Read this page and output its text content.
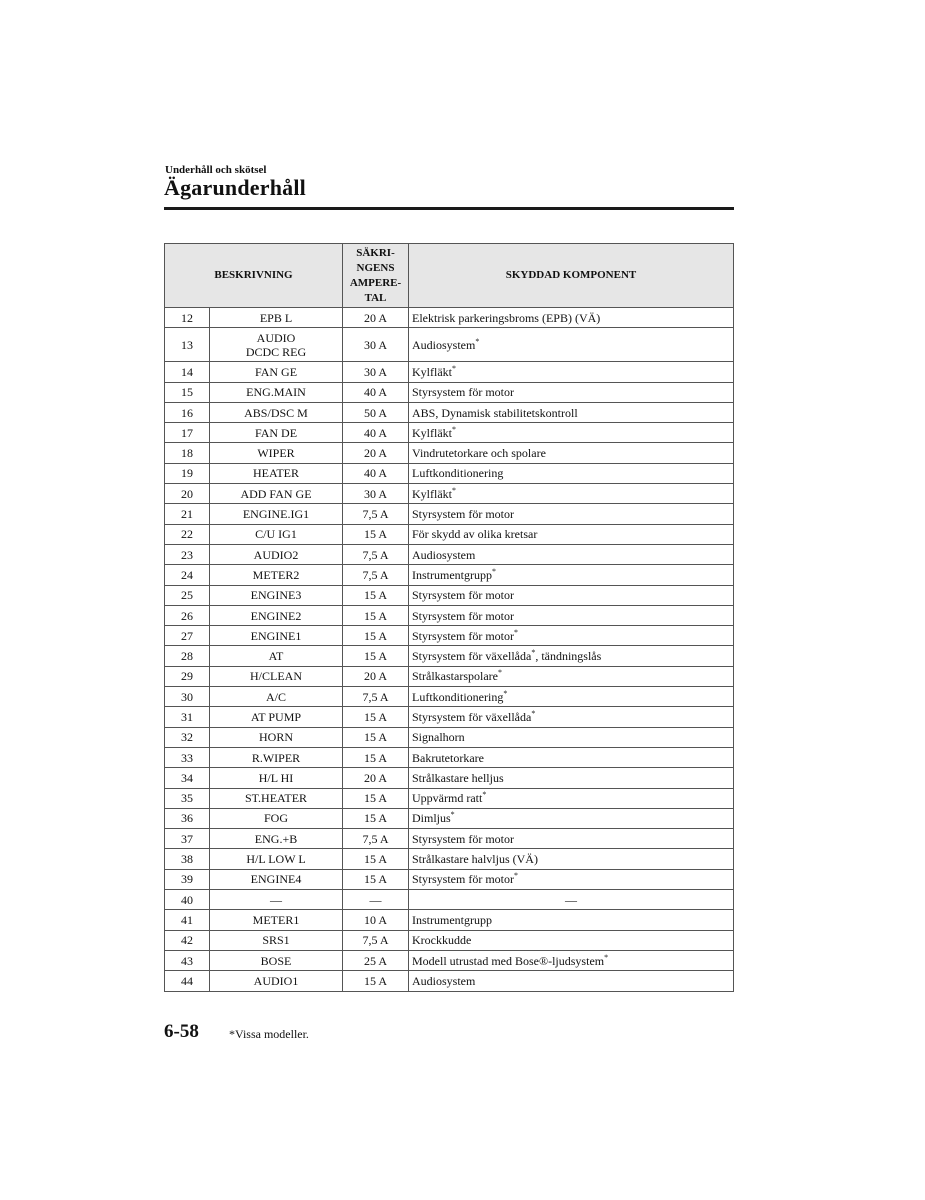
Underhåll och skötsel
Ägarunderhåll
BESKRIVNING		SÄKRI-
NGENS
AMPERE-
TAL	SKYDDAD KOMPONENT
12	EPB L	20 A	Elektrisk parkeringsbroms (EPB) (VÄ)
13	AUDIO
DCDC REG	30 A	Audiosystem*
14	FAN GE	30 A	Kylfläkt*
15	ENG.MAIN	40 A	Styrsystem för motor
16	ABS/DSC M	50 A	ABS, Dynamisk stabilitetskontroll
17	FAN DE	40 A	Kylfläkt*
18	WIPER	20 A	Vindrutetorkare och spolare
19	HEATER	40 A	Luftkonditionering
20	ADD FAN GE	30 A	Kylfläkt*
21	ENGINE.IG1	7,5 A	Styrsystem för motor
22	C/U IG1	15 A	För skydd av olika kretsar
23	AUDIO2	7,5 A	Audiosystem
24	METER2	7,5 A	Instrumentgrupp*
25	ENGINE3	15 A	Styrsystem för motor
26	ENGINE2	15 A	Styrsystem för motor
27	ENGINE1	15 A	Styrsystem för motor*
28	AT	15 A	Styrsystem för växellåda*, tändningslås
29	H/CLEAN	20 A	Strålkastarspolare*
30	A/C	7,5 A	Luftkonditionering*
31	AT PUMP	15 A	Styrsystem för växellåda*
32	HORN	15 A	Signalhorn
33	R.WIPER	15 A	Bakrutetorkare
34	H/L HI	20 A	Strålkastare helljus
35	ST.HEATER	15 A	Uppvärmd ratt*
36	FOG	15 A	Dimljus*
37	ENG.+B	7,5 A	Styrsystem för motor
38	H/L LOW L	15 A	Strålkastare halvljus (VÄ)
39	ENGINE4	15 A	Styrsystem för motor*
40	—	—	—
41	METER1	10 A	Instrumentgrupp
42	SRS1	7,5 A	Krockkudde
43	BOSE	25 A	Modell utrustad med Bose®-ljudsystem*
44	AUDIO1	15 A	Audiosystem
6-58	*Vissa modeller.
